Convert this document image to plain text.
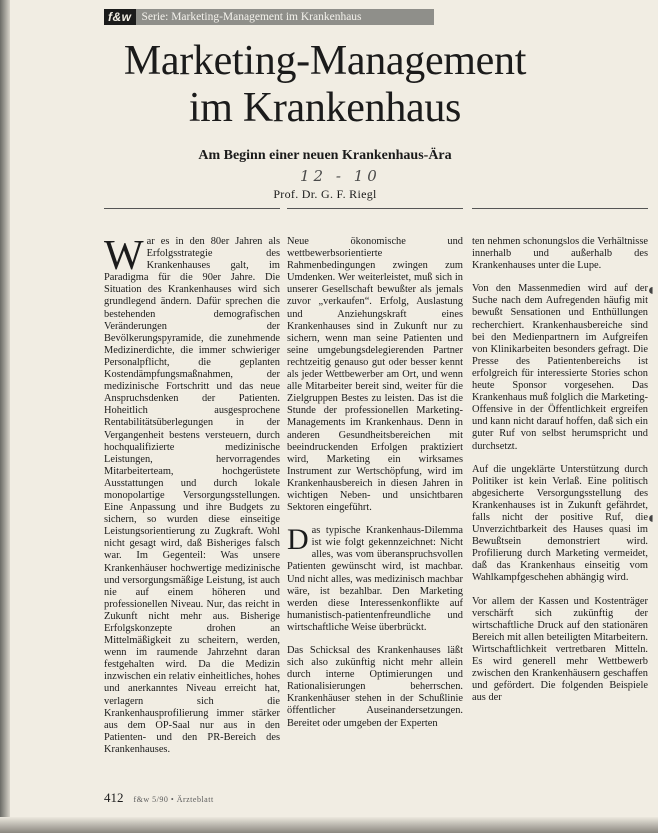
f&w Serie: Marketing-Management im Krankenhaus
Marketing-Management
im Krankenhaus
Am Beginn einer neuen Krankenhaus-Ära
12 - 10
Prof. Dr. G. F. Riegl

War es in den 80er Jahren als Erfolgsstrategie des Krankenhauses galt, im Paradigma für die 90er Jahre. Die Situation des Krankenhauses wird sich grundlegend ändern. Dafür sprechen die bestehenden demografischen Veränderungen der Bevölkerungspyramide, die zunehmende Medizinerdichte, die immer schwieriger Personalpflicht, die geplanten Kostendämpfungsmaßnahmen, der medizinische Fortschritt und das neue Anspruchsdenken der Patienten. Hoheitlich ausgesprochene Rentabilitätsüberlegungen in der Vergangenheit bestens versteuern, durch hochqualifizierte medizinische Leistungen, hervorragendes Mitarbeiterteam, hochgerüstete Ausstattungen und durch lokale monopolartige Versorgungsstellungen. Eine Anpassung und ihre Budgets zu sichern, so wurden diese einseitige Leistungsorientierung zu Zugkraft. Wohl nicht gesagt wird, daß Bisheriges falsch war. Im Gegenteil: Was unsere Krankenhäuser hochwertige medizinische und versorgungsmäßige Leistung, ist auch nie auf einem höheren und professionellen Niveau. Nur, das reicht in Zukunft nicht mehr aus. Bisherige Erfolgskonzepte drohen an Mittelmäßigkeit zu scheitern, werden, wenn im raumende Jahrzehnt daran festgehalten wird. Da die Medizin inzwischen ein relativ einheitliches, hohes und anerkanntes Niveau erreicht hat, verlagern sich die Krankenhausprofilierung immer stärker aus dem OP-Saal nur aus in den Patienten- und den PR-Bereich des Krankenhauses.

Neue ökonomische und wettbewerbsorientierte Rahmenbedingungen zwingen zum Umdenken. Wer weiterleistet, muß sich in unserer Gesellschaft bewußter als jemals zuvor „verkaufen“. Erfolg, Auslastung und Anziehungskraft eines Krankenhauses sind in Zukunft nur zu sichern, wenn man seine Patienten und seine umgebungsdelegierenden Partner rechtzeitig genauso gut oder besser kennt als jeder Wettbewerber am Ort, und wenn alle Mitarbeiter bereit sind, weiter für die Zielgruppen Bestes zu leisten. Das ist die Stunde der professionellen Marketing-Managements im Krankenhaus. Denn in anderen Gesundheitsbereichen mit beeindruckenden Erfolgen praktiziert wird, Marketing ein wirksames Instrument zur Wertschöpfung, wird im Krankenhausbereich in diesen Jahren in wichtigen Neben- und unsichtbaren Sektoren eingeführt.

Das typische Krankenhaus-Dilemma ist wie folgt gekennzeichnet: Nicht alles, was vom überanspruchsvollen Patienten gewünscht wird, ist machbar. Und nicht alles, was medizinisch machbar wäre, ist bezahlbar. Den Marketing werden diese Interessenkonflikte auf humanistisch-patientenfreundliche und wirtschaftliche Weise überbrückt.

Das Schicksal des Krankenhauses läßt sich also zukünftig nicht mehr allein durch interne Optimierungen und Rationalisierungen beherrschen. Krankenhäuser stehen in der Schußlinie öffentlicher Auseinandersetzungen. Bereitet oder umgeben der Experten

ten nehmen schonungslos die Verhältnisse innerhalb und außerhalb des Krankenhauses unter die Lupe.

Von den Massenmedien wird auf der Suche nach dem Aufregenden häufig mit bewußt Sensationen und Enthüllungen recherchiert. Krankenhausbereiche sind bei den Medienpartnern im Aufgreifen von Klinikarbeiten besonders gefragt. Die Presse des Patientenbereichs ist erfolgreich für interessierte Stories schon heute Sponsor vorgesehen. Das Krankenhaus muß folglich die Marketing-Offensive in der Öffentlichkeit ergreifen und kann nicht darauf hoffen, daß sich ein guter Ruf von selbst herumspricht und durchsetzt.

Auf die ungeklärte Unterstützung durch Politiker ist kein Verlaß. Eine politisch abgesicherte Versorgungsstellung des Krankenhauses ist in Zukunft gefährdet, falls nicht der positive Ruf, die Unverzichtbarkeit des Hauses quasi im Bewußtsein demonstriert wird. Profilierung durch Marketing vermeidet, daß das Krankenhaus einseitig vom Wahlkampfgeschehen abhängig wird.

Vor allem der Kassen und Kostenträger verschärft sich zukünftig der wirtschaftliche Druck auf den stationären Bereich mit allen beteiligten Mitarbeitern. Wirtschaftlichkeit vertretbaren Mitteln. Es wird generell mehr Wettbewerb zwischen den Krankenhäusern geschaffen und gefördert. Die folgenden Beispiele aus der

◖
◖
412 f&w 5/90 • Ärzteblatt
